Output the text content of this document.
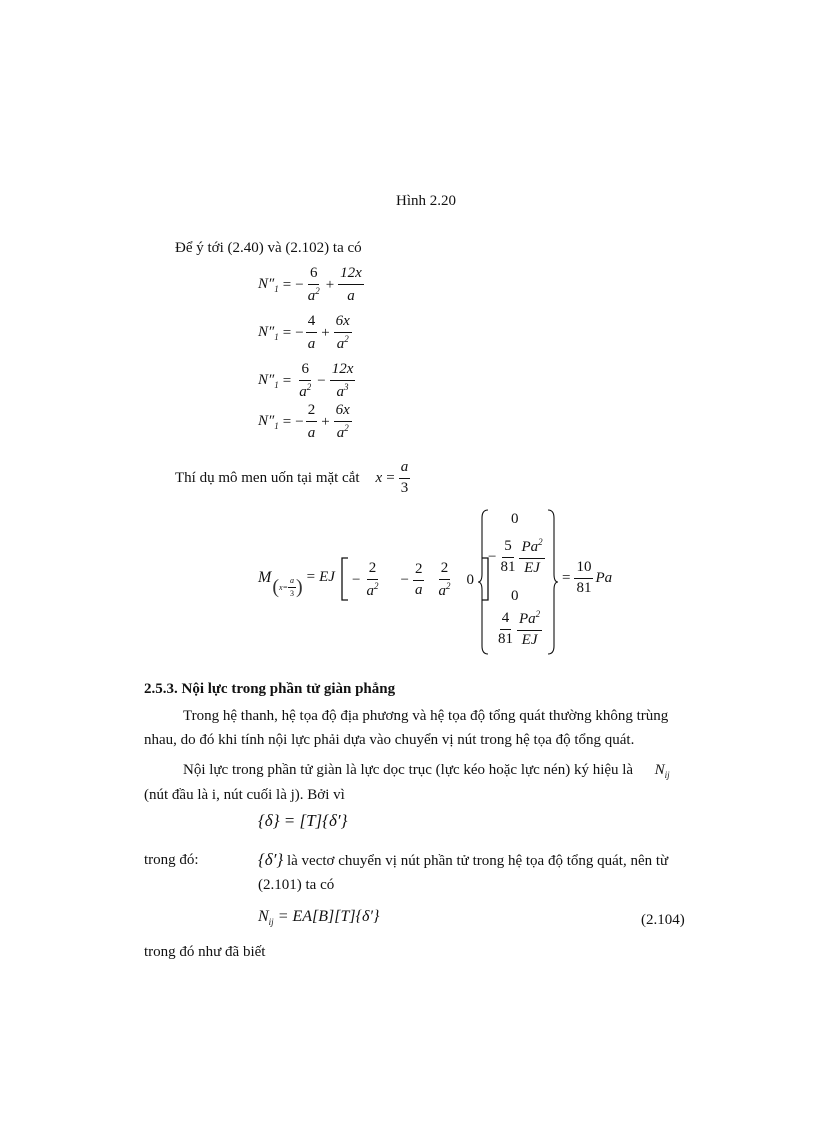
Hình 2.20
Để ý tới (2.40) và (2.102) ta có
$N''_1$ = − $\frac{6}{a^2} + \frac{12x}{a}$
$N''_1$ = − $\frac{4}{a} + \frac{6x}{a^2}$
$N''_1 = \frac{6}{a^2} - \frac{12x}{a^3}$
$N''_1$ = − $\frac{2}{a} + \frac{6x}{a^2}$
Thí dụ mô men uốn tại mặt cắt $x = \frac{a}{3}$
M ( $x= \frac{a}{3}$ ) = EJ − $\frac{2}{a^2} - \frac{2}{a} \frac{2}{a^2} 0$
0
− $\frac{5}{81} \frac{Pa^2}{EJ}$
0
$\frac{4}{81} \frac{Pa^2}{EJ}$
= $\frac{10}{81}$ Pa
2.5.3. Nội lực trong phần tử giàn phẳng
Trong hệ thanh, hệ tọa độ địa phương và hệ tọa độ tổng quát thường không trùng
nhau, do đó khi tính nội lực phải dựa vào chuyển vị nút trong hệ tọa độ tổng quát.
Nội lực trong phần tử giàn là lực dọc trục (lực kéo hoặc lực nén) ký hiệu là $N_{ij}$
(nút đầu là i, nút cuối là j). Bởi vì
{δ} = [T]{δ′}
trong đó:	{δ′} là vectơ chuyển vị nút phần tử trong hệ tọa độ tổng quát, nên từ
(2.101) ta có
$N_{ij} = EA[B][T]\{\delta'\}$	(2.104)
trong đó như đã biết
